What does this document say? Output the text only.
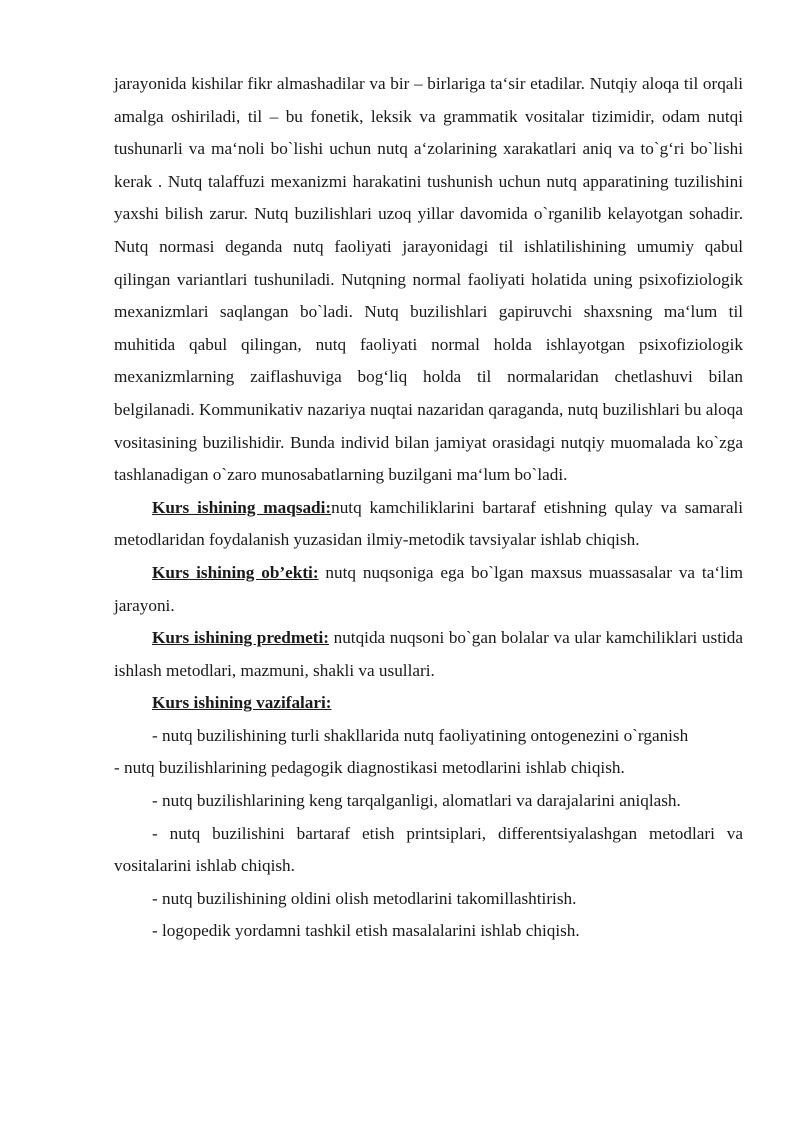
jarayonida kishilar fikr almashadilar va bir – birlariga ta‘sir etadilar. Nutqiy aloqa til orqali amalga oshiriladi, til – bu fonetik, leksik va grammatik vositalar tizimidir, odam nutqi tushunarli va ma‘noli bo`lishi uchun nutq a‘zolarining xarakatlari aniq va to`g‘ri bo`lishi kerak . Nutq talaffuzi mexanizmi harakatini tushunish uchun nutq apparatining tuzilishini yaxshi bilish zarur. Nutq buzilishlari uzoq yillar davomida o`rganilib kelayotgan sohadir. Nutq normasi deganda nutq faoliyati jarayonidagi til ishlatilishining umumiy qabul qilingan variantlari tushuniladi. Nutqning normal faoliyati holatida uning psixofiziologik mexanizmlari saqlangan bo`ladi. Nutq buzilishlari gapiruvchi shaxsning ma‘lum til muhitida qabul qilingan, nutq faoliyati normal holda ishlayotgan psixofiziologik mexanizmlarning zaiflashuviga bog‘liq holda til normalaridan chetlashuvi bilan belgilanadi. Kommunikativ nazariya nuqtai nazaridan qaraganda, nutq buzilishlari bu aloqa vositasining buzilishidir. Bunda individ bilan jamiyat orasidagi nutqiy muomalada ko`zga tashlanadigan o`zaro munosabatlarning buzilgani ma‘lum bo`ladi.

Kurs ishining maqsadi:nutq kamchiliklarini bartaraf etishning qulay va samarali metodlaridan foydalanish yuzasidan ilmiy-metodik tavsiyalar ishlab chiqish.

Kurs ishining ob’ekti: nutq nuqsoniga ega bo`lgan maxsus muassasalar va ta‘lim jarayoni.

Kurs ishining predmeti: nutqida nuqsoni bo`gan bolalar va ular kamchiliklari ustida ishlash metodlari, mazmuni, shakli va usullari.

Kurs ishining vazifalari:

- nutq buzilishining turli shakllarida nutq faoliyatining ontogenezini o`rganish

- nutq buzilishlarining pedagogik diagnostikasi metodlarini ishlab chiqish.

- nutq buzilishlarining keng tarqalganligi, alomatlari va darajalarini aniqlash.

- nutq buzilishini bartaraf etish printsiplari, differentsiyalashgan metodlari va vositalarini ishlab chiqish.

- nutq buzilishining oldini olish metodlarini takomillashtirish.

- logopedik yordamni tashkil etish masalalarini ishlab chiqish.
